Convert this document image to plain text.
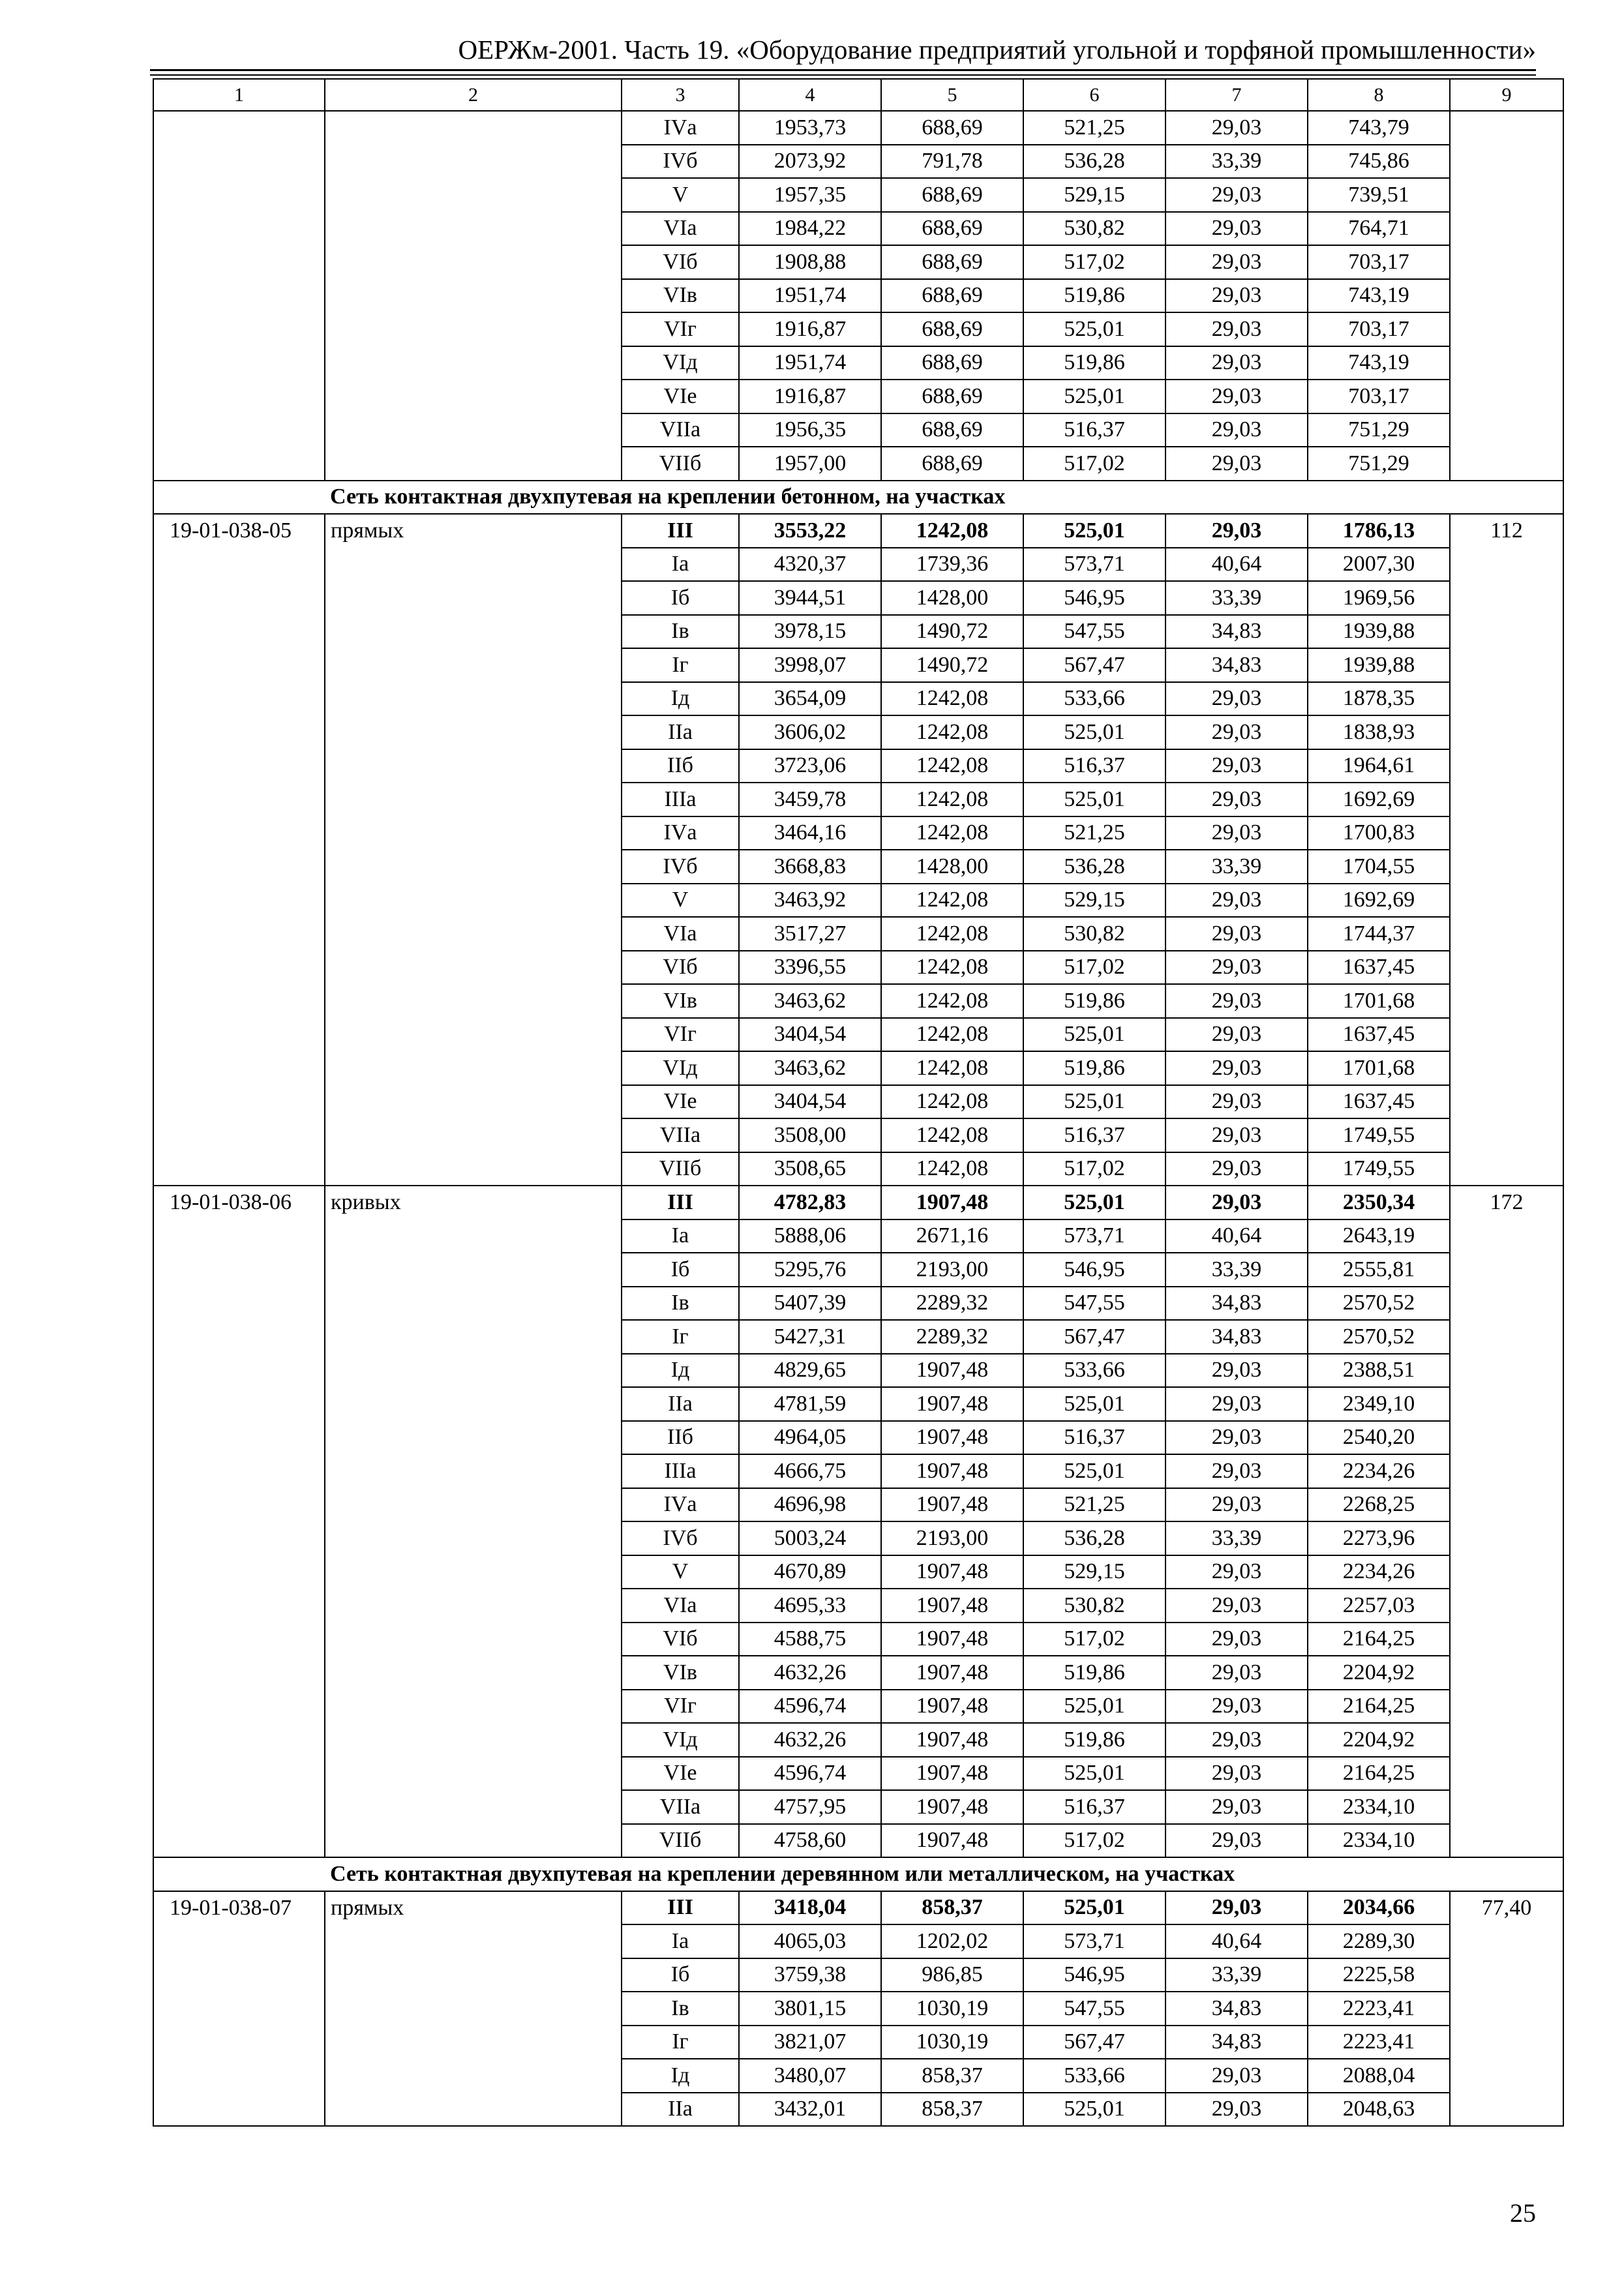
ОЕРЖм-2001. Часть 19. «Оборудование предприятий угольной и торфяной промышленности»
1	2	3	4	5	6	7	8	9
		IVа	1953,73	688,69	521,25	29,03	743,79	
		IVб	2073,92	791,78	536,28	33,39	745,86	
		V	1957,35	688,69	529,15	29,03	739,51	
		VIа	1984,22	688,69	530,82	29,03	764,71	
		VIб	1908,88	688,69	517,02	29,03	703,17	
		VIв	1951,74	688,69	519,86	29,03	743,19	
		VIг	1916,87	688,69	525,01	29,03	703,17	
		VIд	1951,74	688,69	519,86	29,03	743,19	
		VIе	1916,87	688,69	525,01	29,03	703,17	
		VIIа	1956,35	688,69	516,37	29,03	751,29	
		VIIб	1957,00	688,69	517,02	29,03	751,29	
Сеть контактная двухпутевая на креплении бетонном, на участках								
19-01-038-05	прямых	III	3553,22	1242,08	525,01	29,03	1786,13	112
		Iа	4320,37	1739,36	573,71	40,64	2007,30	
		Iб	3944,51	1428,00	546,95	33,39	1969,56	
		Iв	3978,15	1490,72	547,55	34,83	1939,88	
		Iг	3998,07	1490,72	567,47	34,83	1939,88	
		Iд	3654,09	1242,08	533,66	29,03	1878,35	
		IIа	3606,02	1242,08	525,01	29,03	1838,93	
		IIб	3723,06	1242,08	516,37	29,03	1964,61	
		IIIа	3459,78	1242,08	525,01	29,03	1692,69	
		IVа	3464,16	1242,08	521,25	29,03	1700,83	
		IVб	3668,83	1428,00	536,28	33,39	1704,55	
		V	3463,92	1242,08	529,15	29,03	1692,69	
		VIа	3517,27	1242,08	530,82	29,03	1744,37	
		VIб	3396,55	1242,08	517,02	29,03	1637,45	
		VIв	3463,62	1242,08	519,86	29,03	1701,68	
		VIг	3404,54	1242,08	525,01	29,03	1637,45	
		VIд	3463,62	1242,08	519,86	29,03	1701,68	
		VIе	3404,54	1242,08	525,01	29,03	1637,45	
		VIIа	3508,00	1242,08	516,37	29,03	1749,55	
		VIIб	3508,65	1242,08	517,02	29,03	1749,55	
19-01-038-06	кривых	III	4782,83	1907,48	525,01	29,03	2350,34	172
		Iа	5888,06	2671,16	573,71	40,64	2643,19	
		Iб	5295,76	2193,00	546,95	33,39	2555,81	
		Iв	5407,39	2289,32	547,55	34,83	2570,52	
		Iг	5427,31	2289,32	567,47	34,83	2570,52	
		Iд	4829,65	1907,48	533,66	29,03	2388,51	
		IIа	4781,59	1907,48	525,01	29,03	2349,10	
		IIб	4964,05	1907,48	516,37	29,03	2540,20	
		IIIа	4666,75	1907,48	525,01	29,03	2234,26	
		IVа	4696,98	1907,48	521,25	29,03	2268,25	
		IVб	5003,24	2193,00	536,28	33,39	2273,96	
		V	4670,89	1907,48	529,15	29,03	2234,26	
		VIа	4695,33	1907,48	530,82	29,03	2257,03	
		VIб	4588,75	1907,48	517,02	29,03	2164,25	
		VIв	4632,26	1907,48	519,86	29,03	2204,92	
		VIг	4596,74	1907,48	525,01	29,03	2164,25	
		VIд	4632,26	1907,48	519,86	29,03	2204,92	
		VIе	4596,74	1907,48	525,01	29,03	2164,25	
		VIIа	4757,95	1907,48	516,37	29,03	2334,10	
		VIIб	4758,60	1907,48	517,02	29,03	2334,10	
Сеть контактная двухпутевая на креплении деревянном или металлическом, на участках								
19-01-038-07	прямых	III	3418,04	858,37	525,01	29,03	2034,66	77,40
		Iа	4065,03	1202,02	573,71	40,64	2289,30	
		Iб	3759,38	986,85	546,95	33,39	2225,58	
		Iв	3801,15	1030,19	547,55	34,83	2223,41	
		Iг	3821,07	1030,19	567,47	34,83	2223,41	
		Iд	3480,07	858,37	533,66	29,03	2088,04	
		IIа	3432,01	858,37	525,01	29,03	2048,63	
25
